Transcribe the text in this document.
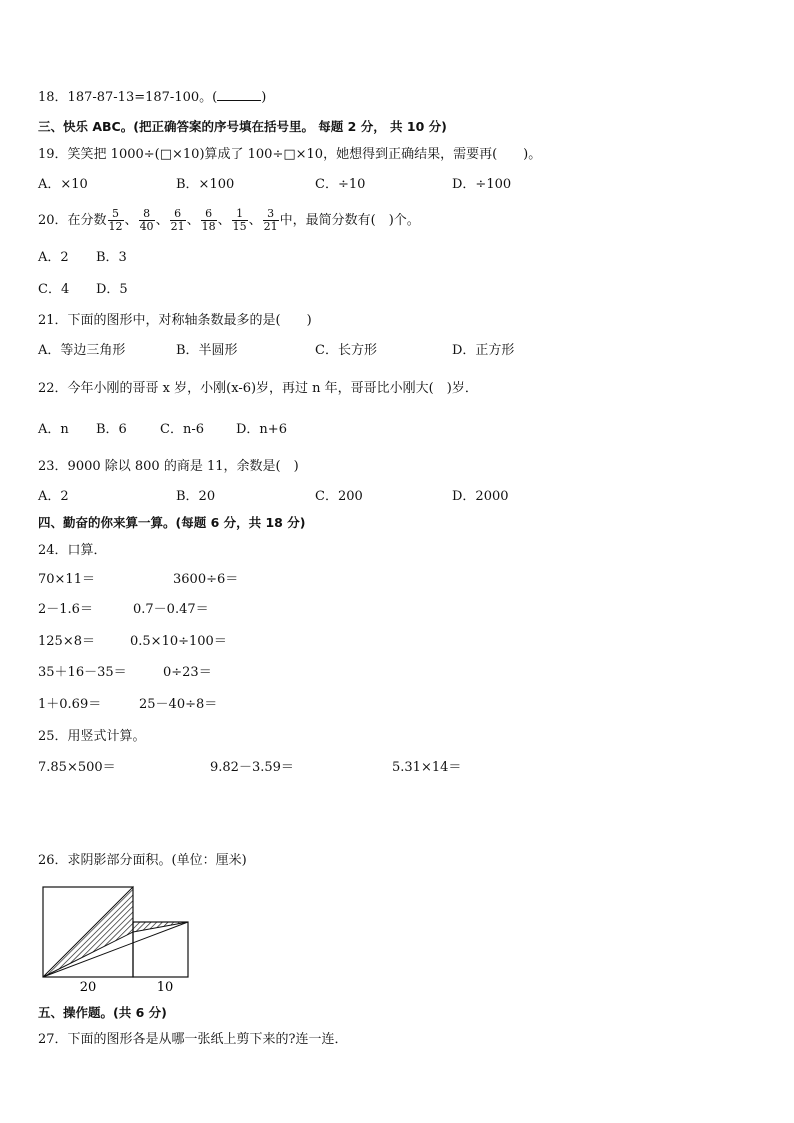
18．187-87-13=187-100。(	)
三、快乐 ABC。(把正确答案的序号填在括号里。 每题 2 分， 共 10 分)
19．笑笑把 1000÷(□×10)算成了 100÷□×10，她想得到正确结果，需要再(　　)。
A．×10	B．×100	C．÷10	D．÷100
20．在分数 $\frac{5}{12}$ 、 $\frac{8}{40}$ 、 $\frac{6}{21}$ 、 $\frac{6}{18}$ 、 $\frac{1}{15}$ 、 $\frac{3}{21}$ 中，最简分数有(　)个。
A．2 B．3
C．4 D．5
21．下面的图形中，对称轴条数最多的是(　　)
A．等边三角形	B．半圆形	C．长方形	D．正方形
22．今年小刚的哥哥 x 岁，小刚(x-6)岁，再过 n 年，哥哥比小刚大(　)岁．
A．n B．6	C．n-6 D．n+6
23．9000 除以 800 的商是 11，余数是(　)
A．2	B．20	C．200	D．2000
四、勤奋的你来算一算。(每题 6 分，共 18 分)
24．口算．
70×11＝	3600÷6＝
2－1.6＝	0.7－0.47＝
125×8＝	0.5×10÷100＝
35＋16－35＝	0÷23＝
1＋0.69＝	25－40÷8＝
25．用竖式计算。
7.85×500＝	9.82－3.59＝	5.31×14＝
26．求阴影部分面积。(单位：厘米)
20	10
五、操作题。(共 6 分)
27．下面的图形各是从哪一张纸上剪下来的?连一连．
